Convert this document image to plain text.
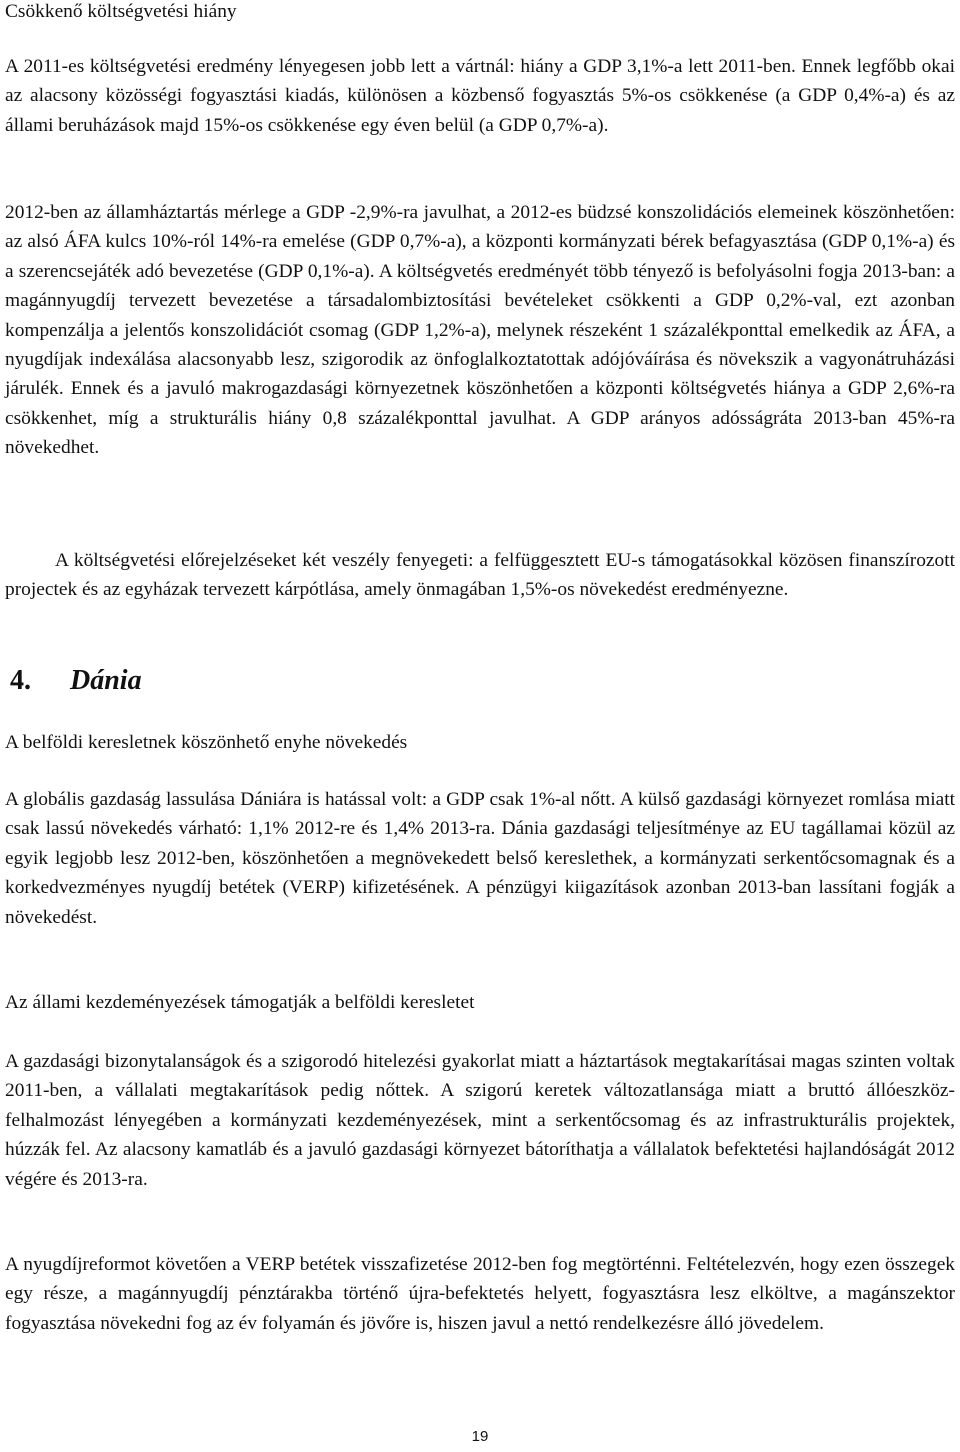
Csökkenő költségvetési hiány

A 2011-es költségvetési eredmény lényegesen jobb lett a vártnál: hiány a GDP 3,1%-a lett 2011-ben. Ennek legfőbb okai az alacsony közösségi fogyasztási kiadás, különösen a közbenső fogyasztás 5%-os csökkenése (a GDP 0,4%-a) és az állami beruházások majd 15%-os csökkenése egy éven belül (a GDP 0,7%-a).

2012-ben az államháztartás mérlege a GDP -2,9%-ra javulhat, a 2012-es büdzsé konszolidációs elemeinek köszönhetően: az alsó ÁFA kulcs 10%-ról 14%-ra emelése (GDP 0,7%-a), a központi kormányzati bérek befagyasztása (GDP 0,1%-a) és a szerencsejáték adó bevezetése (GDP 0,1%-a). A költségvetés eredményét több tényező is befolyásolni fogja 2013-ban: a magánnyugdíj tervezett bevezetése a társadalombiztosítási bevételeket csökkenti a GDP 0,2%-val, ezt azonban kompenzálja a jelentős konszolidációt csomag (GDP 1,2%-a), melynek részeként 1 százalékponttal emelkedik az ÁFA, a nyugdíjak indexálása alacsonyabb lesz, szigorodik az önfoglalkoztatottak adójóváírása és növekszik a vagyonátruházási járulék. Ennek és a javuló makrogazdasági környezetnek köszönhetően a központi költségvetés hiánya a GDP 2,6%-ra csökkenhet, míg a strukturális hiány 0,8 százalékponttal javulhat. A GDP arányos adósságráta 2013-ban 45%-ra növekedhet.

A költségvetési előrejelzéseket két veszély fenyegeti: a felfüggesztett EU-s támogatásokkal közösen finanszírozott projectek és az egyházak tervezett kárpótlása, amely önmagában 1,5%-os növekedést eredményezne.

4. Dánia

A belföldi keresletnek köszönhető enyhe növekedés

A globális gazdaság lassulása Dániára is hatással volt: a GDP csak 1%-al nőtt. A külső gazdasági környezet romlása miatt csak lassú növekedés várható: 1,1% 2012-re és 1,4% 2013-ra. Dánia gazdasági teljesítménye az EU tagállamai közül az egyik legjobb lesz 2012-ben, köszönhetően a megnövekedett belső kereslethek, a kormányzati serkentőcsomagnak és a korkedvezményes nyugdíj betétek (VERP) kifizetésének. A pénzügyi kiigazítások azonban 2013-ban lassítani fogják a növekedést.

Az állami kezdeményezések támogatják a belföldi keresletet

A gazdasági bizonytalanságok és a szigorodó hitelezési gyakorlat miatt a háztartások megtakarításai magas szinten voltak 2011-ben, a vállalati megtakarítások pedig nőttek. A szigorú keretek változatlansága miatt a bruttó állóeszköz-felhalmozást lényegében a kormányzati kezdeményezések, mint a serkentőcsomag és az infrastrukturális projektek, húzzák fel. Az alacsony kamatláb és a javuló gazdasági környezet bátoríthatja a vállalatok befektetési hajlandóságát 2012 végére és 2013-ra.

A nyugdíjreformot követően a VERP betétek visszafizetése 2012-ben fog megtörténni. Feltételezvén, hogy ezen összegek egy része, a magánnyugdíj pénztárakba történő újra-befektetés helyett, fogyasztásra lesz elköltve, a magánszektor fogyasztása növekedni fog az év folyamán és jövőre is, hiszen javul a nettó rendelkezésre álló jövedelem.

19
